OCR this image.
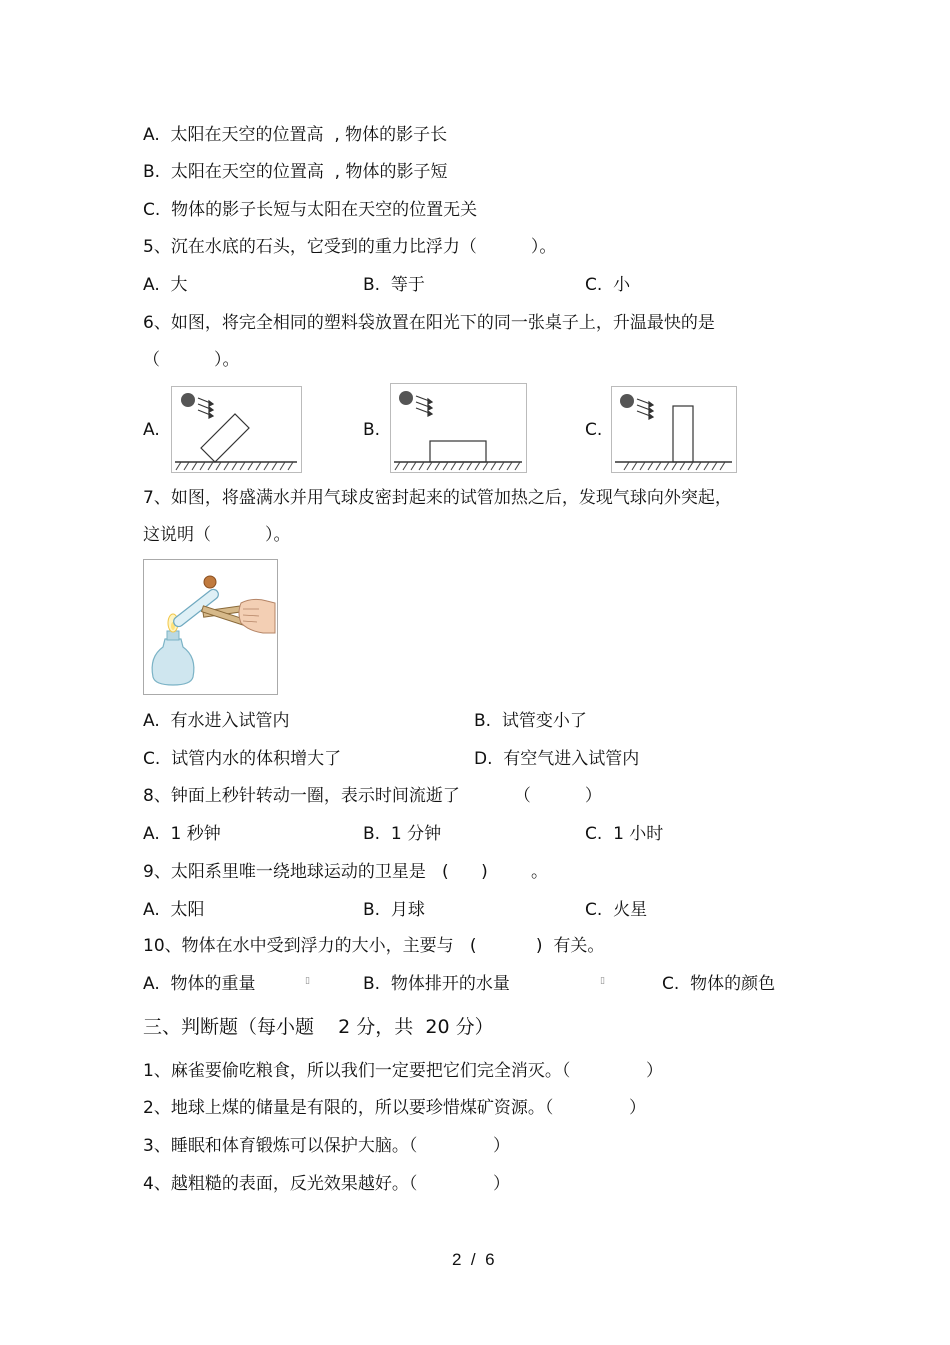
A.  太阳在天空的位置高  , 物体的影子长
B.  太阳在天空的位置高  , 物体的影子短
C.  物体的影子长短与太阳在天空的位置无关
5、沉在水底的石头，它受到的重力比浮力（          ）。
A.  大	B.  等于	C.  小
6、如图，将完全相同的塑料袋放置在阳光下的同一张桌子上，升温最快的是
（          ）。
A.	B.	C.
7、如图，将盛满水并用气球皮密封起来的试管加热之后，发现气球向外突起，
这说明（          ）。
A.  有水进入试管内	B.  试管变小了
C.  试管内水的体积增大了	D.  有空气进入试管内
8、钟面上秒针转动一圈，表示时间流逝了          （          ）
A.  1 秒钟	B.  1 分钟	C.  1 小时
9、太阳系里唯一绕地球运动的卫星是   (      )        。
A.  太阳	B.  月球	C.  火星
10、物体在水中受到浮力的大小，主要与   (           )  有关。
A.  物体的重量	▯	B.  物体排开的水量	▯	C.  物体的颜色
三、判断题（每小题    2 分，共  20 分）
1、麻雀要偷吃粮食，所以我们一定要把它们完全消灭。（              ）
2、地球上煤的储量是有限的，所以要珍惜煤矿资源。（              ）
3、睡眠和体育锻炼可以保护大脑。（              ）
4、越粗糙的表面，反光效果越好。（              ）
2  /  6
